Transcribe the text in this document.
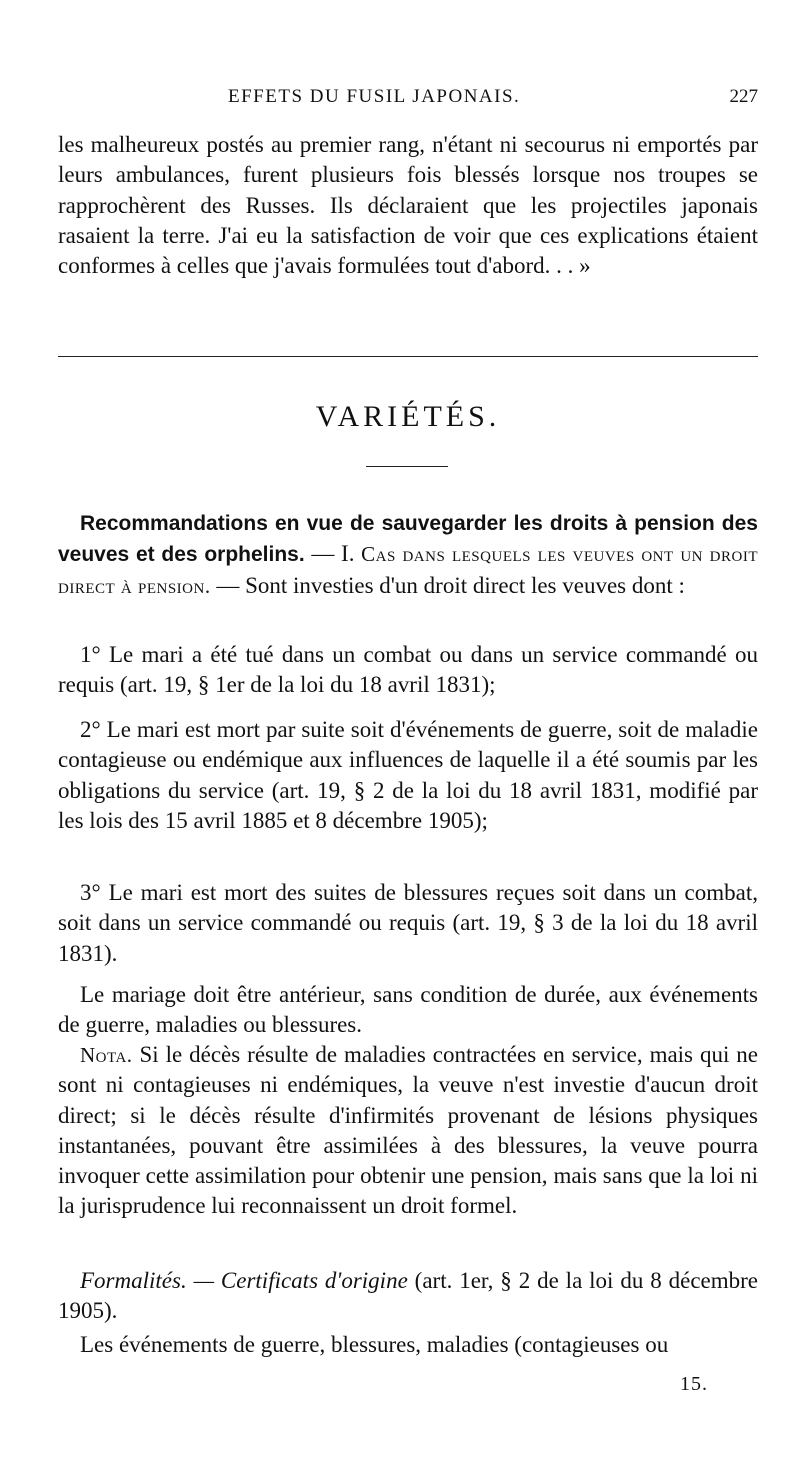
EFFETS DU FUSIL JAPONAIS.	227

les malheureux postés au premier rang, n'étant ni secourus ni emportés par leurs ambulances, furent plusieurs fois blessés lorsque nos troupes se rapprochèrent des Russes. Ils déclaraient que les projectiles japonais rasaient la terre. J'ai eu la satisfaction de voir que ces explications étaient conformes à celles que j'avais formulées tout d'abord. . . »

VARIÉTÉS.

Recommandations en vue de sauvegarder les droits à pension des veuves et des orphelins. — I. Cas dans lesquels les veuves ont un droit direct à pension. — Sont investies d'un droit direct les veuves dont :

1° Le mari a été tué dans un combat ou dans un service commandé ou requis (art. 19, § 1er de la loi du 18 avril 1831);

2° Le mari est mort par suite soit d'événements de guerre, soit de maladie contagieuse ou endémique aux influences de laquelle il a été soumis par les obligations du service (art. 19, § 2 de la loi du 18 avril 1831, modifié par les lois des 15 avril 1885 et 8 décembre 1905);

3° Le mari est mort des suites de blessures reçues soit dans un combat, soit dans un service commandé ou requis (art. 19, § 3 de la loi du 18 avril 1831).

Le mariage doit être antérieur, sans condition de durée, aux événements de guerre, maladies ou blessures.

Nota. Si le décès résulte de maladies contractées en service, mais qui ne sont ni contagieuses ni endémiques, la veuve n'est investie d'aucun droit direct; si le décès résulte d'infirmités provenant de lésions physiques instantanées, pouvant être assimilées à des blessures, la veuve pourra invoquer cette assimilation pour obtenir une pension, mais sans que la loi ni la jurisprudence lui reconnaissent un droit formel.

Formalités. — Certificats d'origine (art. 1er, § 2 de la loi du 8 décembre 1905).

Les événements de guerre, blessures, maladies (contagieuses ou

15.
